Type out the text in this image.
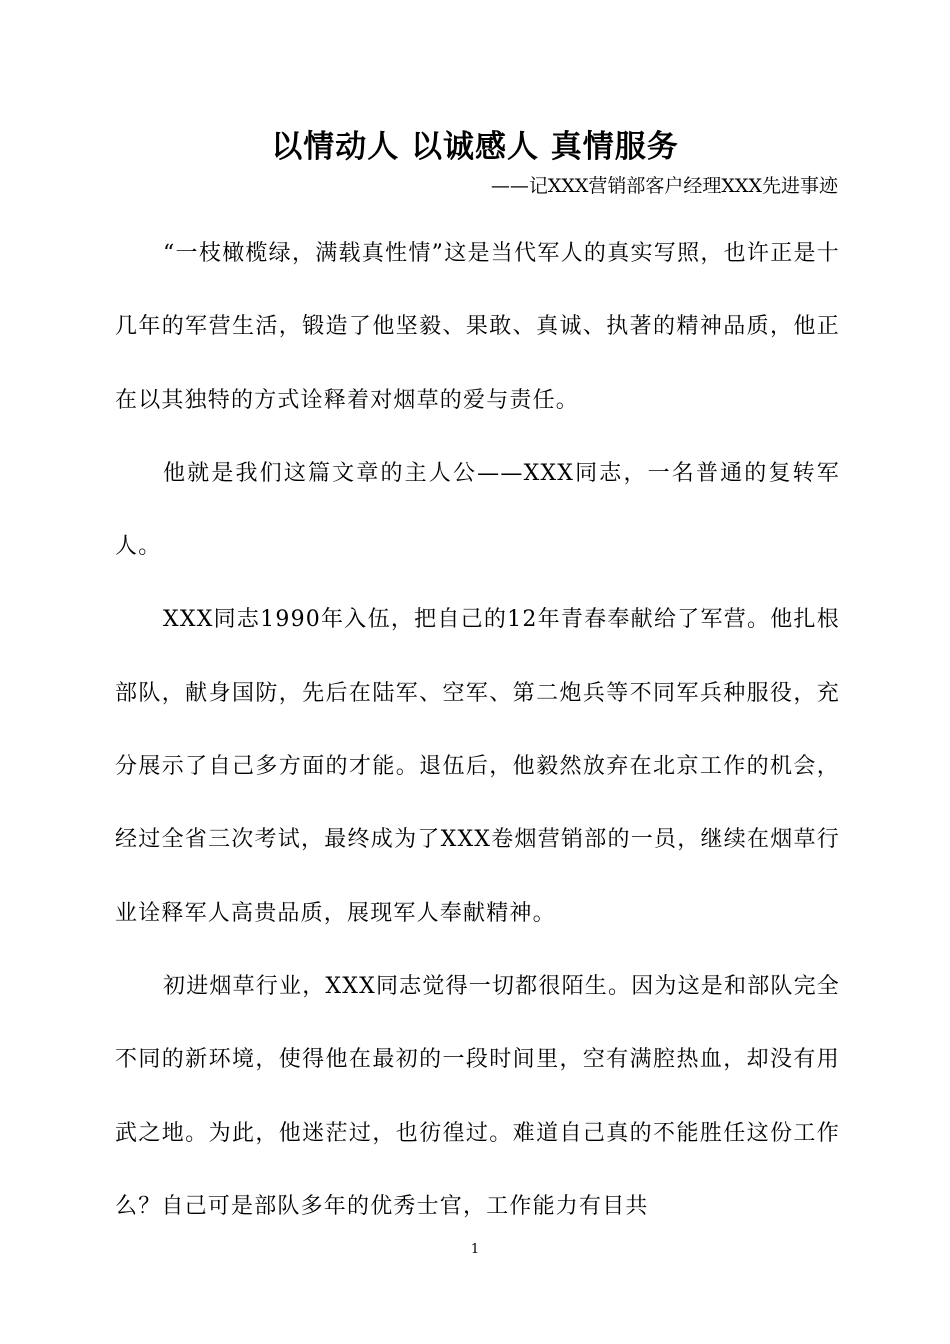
以情动人 以诚感人 真情服务
——记XXX营销部客户经理XXX先进事迹

“一枝橄榄绿，满载真性情”这是当代军人的真实写照，也许正是十几年的军营生活，锻造了他坚毅、果敢、真诚、执著的精神品质，他正在以其独特的方式诠释着对烟草的爱与责任。

他就是我们这篇文章的主人公——XXX同志，一名普通的复转军人。

XXX同志1990年入伍，把自己的12年青春奉献给了军营。他扎根部队，献身国防，先后在陆军、空军、第二炮兵等不同军兵种服役，充分展示了自己多方面的才能。退伍后，他毅然放弃在北京工作的机会，经过全省三次考试，最终成为了XXX卷烟营销部的一员，继续在烟草行业诠释军人高贵品质，展现军人奉献精神。

初进烟草行业，XXX同志觉得一切都很陌生。因为这是和部队完全不同的新环境，使得他在最初的一段时间里，空有满腔热血，却没有用武之地。为此，他迷茫过，也彷徨过。难道自己真的不能胜任这份工作么？自己可是部队多年的优秀士官，工作能力有目共

1
